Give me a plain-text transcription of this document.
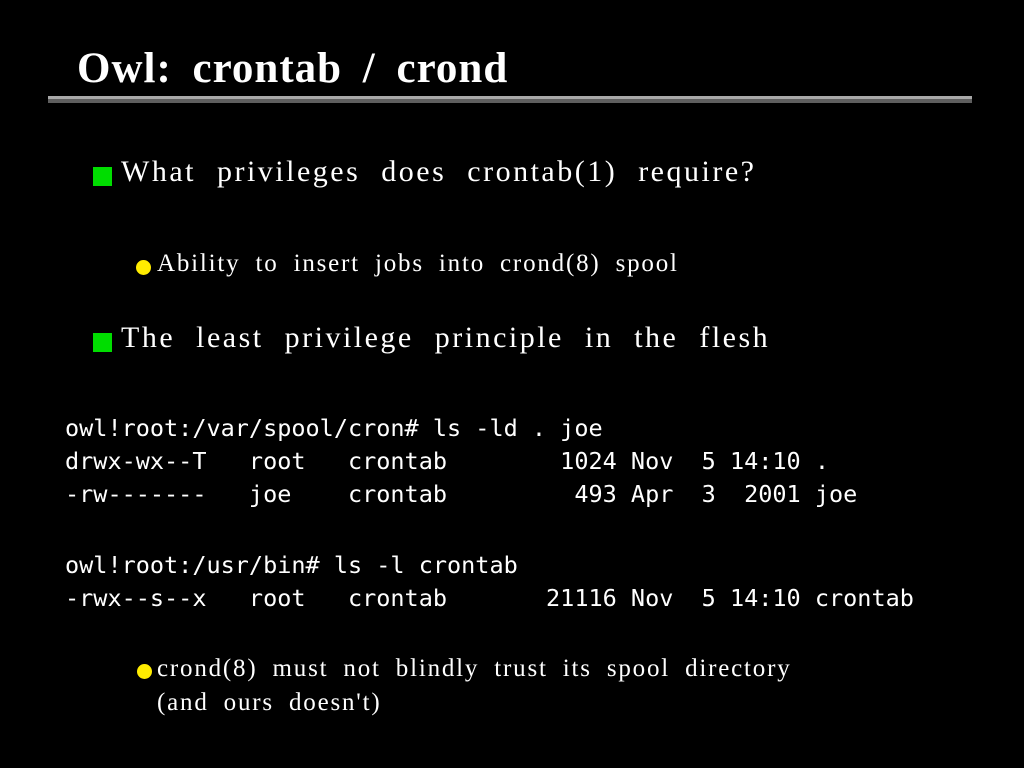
Owl: crontab / crond
What privileges does crontab(1) require?
Ability to insert jobs into crond(8) spool
The least privilege principle in the flesh
owl!root:/var/spool/cron# ls -ld . joe
drwx-wx--T   root   crontab        1024 Nov  5 14:10 .
-rw-------   joe    crontab         493 Apr  3  2001 joe
owl!root:/usr/bin# ls -l crontab
-rwx--s--x   root   crontab       21116 Nov  5 14:10 crontab
crond(8) must not blindly trust its spool directory
(and ours doesn't)
